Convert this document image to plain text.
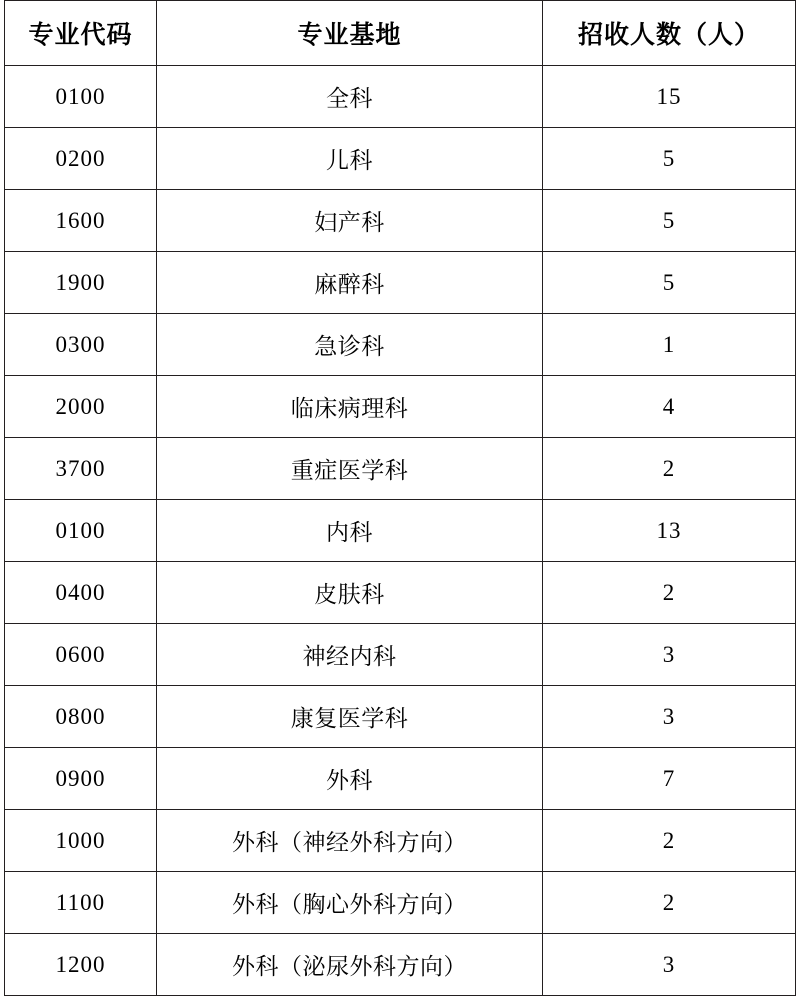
专业代码	专业基地	招收人数（人）
0100	全科	15
0200	儿科	5
1600	妇产科	5
1900	麻醉科	5
0300	急诊科	1
2000	临床病理科	4
3700	重症医学科	2
0100	内科	13
0400	皮肤科	2
0600	神经内科	3
0800	康复医学科	3
0900	外科	7
1000	外科（神经外科方向）	2
1100	外科（胸心外科方向）	2
1200	外科（泌尿外科方向）	3
